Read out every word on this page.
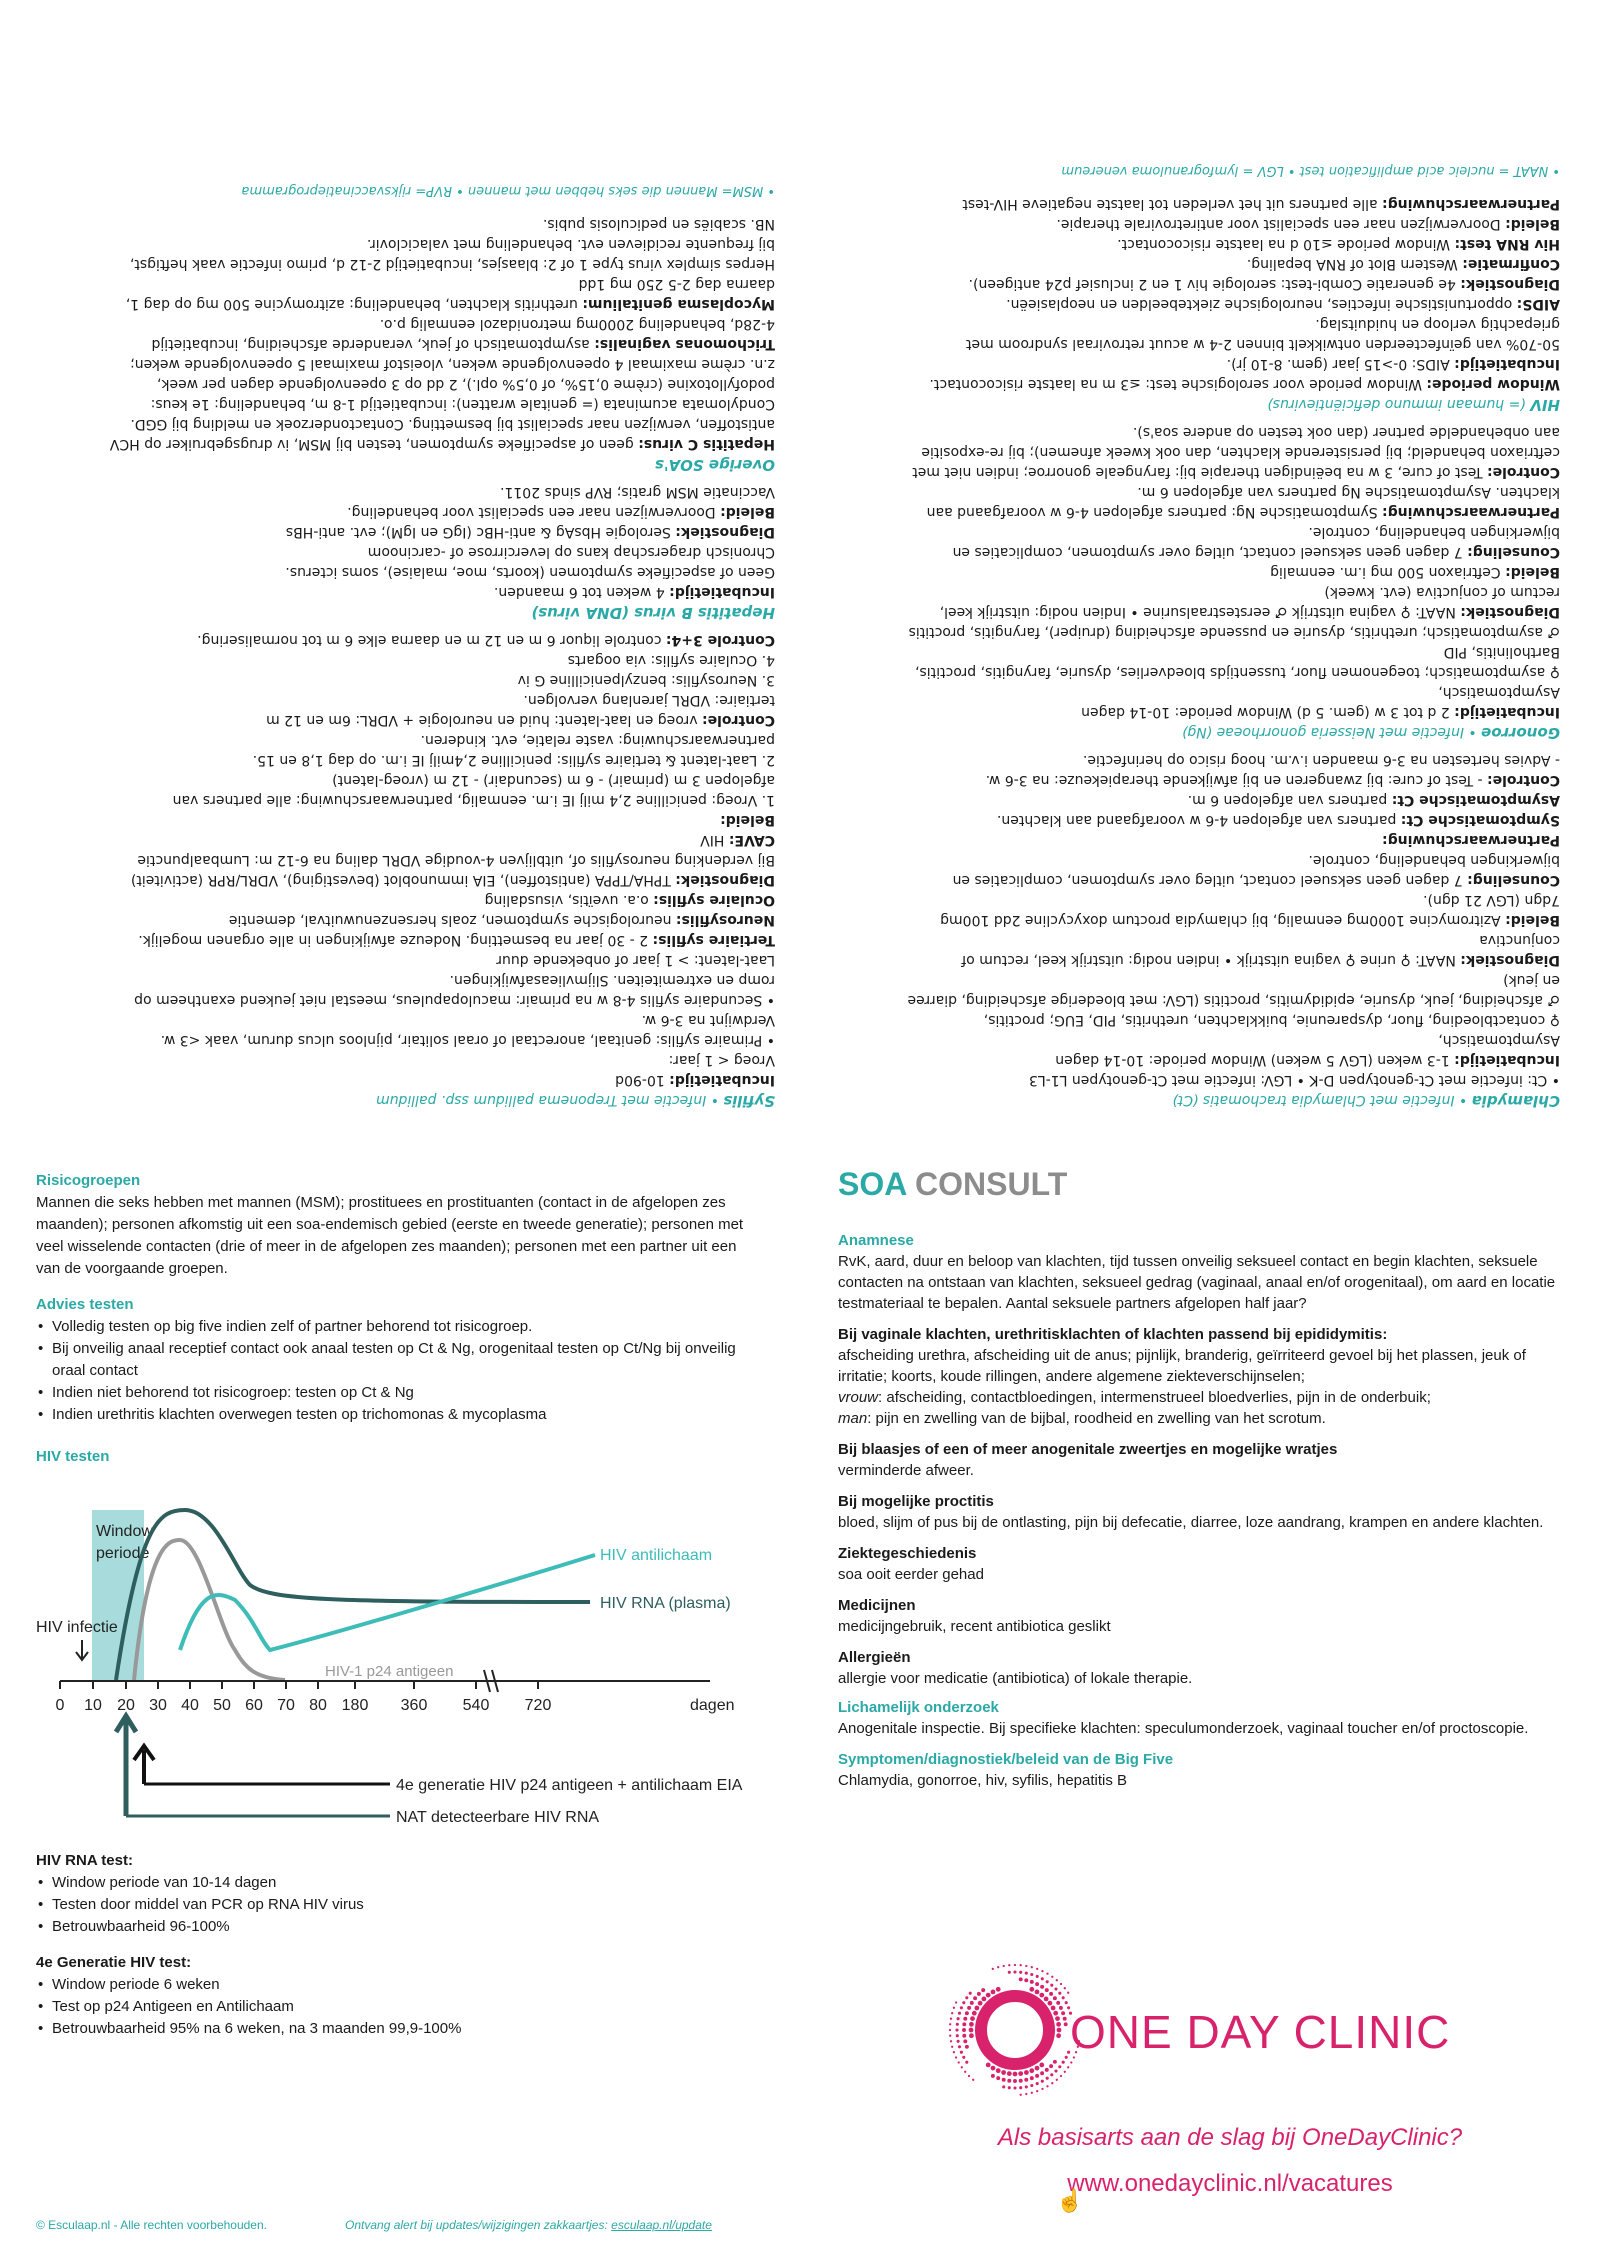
Chlamydia • Infectie met Chlamydia trachomatis (Ct)

• Ct: infectie met Ct-genotypen D-K • LGV: infectie met Ct-genotypen L1-L3

Incubatietijd: 1-3 weken (LGV 5 weken) Window periode: 10-14 dagen

Asymptomatisch,

♀ contactbloeding, fluor, dyspareunie, buikklachten, urethritis, PID, EUG; proctitis,

♂ afscheiding, jeuk, dysurie, epididymitis, proctitis (LGV: met bloederige afscheiding, diarree

en jeuk)

Diagnostiek: NAAT: ♀ urine ♀ vagina uitstrijk • indien nodig: uitstrijk keel, rectum of

conjunctiva

Beleid: Azitromycine 1000mg eenmalig, bij chlamydia proctum doxycycline 2dd 100mg

7dgn (LGV 21 dgn).

Counseling: 7 dagen geen seksueel contact, uitleg over symptomen, complicaties en

bijwerkingen behandeling, controle.

Partnerwaarschuwing:

Symptomatische Ct: partners van afgelopen 4-6 w voorafgaand aan klachten.

Asymptomatische Ct: partners van afgelopen 6 m.

Controle: - Test of cure: bij zwangeren en bij afwijkende therapiekeuze: na 3-6 w.

- Advies hertesten na 3-6 maanden i.v.m. hoog risico op herinfectie.

Gonorroe • Infectie met Neisseria gonorrhoeae (Ng)

Incubatietijd: 2 d tot 3 w (gem. 5 d) Window periode: 10-14 dagen

Asymptomatisch,

♀ asymptomatisch; toegenomen fluor, tussentijds bloedverlies, dysurie, faryngitis, proctitis,

Bartholinitis, PID

♂ asymptomatisch; urethritis, dysurie en pussende afscheiding (druiper), faryngitis, proctitis

Diagnostiek: NAAT: ♀ vagina uitstrijk ♂ eerstestraalsurine • Indien nodig: uitstrijk keel,

rectum of conjuctiva (evt. kweek)

Beleid: Ceftriaxon 500 mg i.m. eenmalig

Counseling: 7 dagen geen seksueel contact, uitleg over symptomen, complicaties en

bijwerkingen behandeling, controle.

Partnerwaarschuwing: Symptomatische Ng: partners afgelopen 4-6 w voorafgaand aan

klachten. Asymptomatische Ng partners van afgelopen 6 m.

Controle: Test of cure, 3 w na beëindigen therapie bij: faryngeale gonorroe; indien niet met

ceftriaxon behandeld; bij persisterende klachten, dan ook kweek afnemen); bij re-expositie

aan onbehandelde partner (dan ook testen op andere soa's).

HIV (= humaan immuno deficiëntievirus)

Window periode: Window periode voor serologische test: ≤3 m na laatste risicocontact.

Incubatietijd: AIDS: 0->15 jaar (gem. 8-10 jr).

50-70% van geïnfecteerden ontwikkelt binnen 2-4 w acuut retroviraal syndroom met

griepachtig verloop en huiduitslag.

AIDS: opportunistische infecties, neurologische ziektebeelden en neoplasieën.

Diagnostiek: 4e generatie Combi-test: serologie hiv 1 en 2 inclusief p24 antigeen).

Confirmatie: Western Blot of RNA bepaling.

Hiv RNA test: Window periode ≤10 d na laatste risicocontact.

Beleid: Doorverwijzen naar een specialist voor antiretrovirale therapie.

Partnerwaarschuwing: alle partners uit het verleden tot laatste negatieve HIV-test

• NAAT = nucleic acid amplification test • LGV = lymfogranuloma venereum

Syfilis • Infectie met Treponema pallidum ssp. pallidum

Incubatietijd: 10-90d

Vroeg < 1 jaar:

• Primaire syfilis: genitaal, anorectaal of oraal solitair, pijnloos ulcus durum, vaak <3 w.

Verdwijnt na 3-6 w.

• Secundaire syfilis 4-8 w na primair: maculopapuleus, meestal niet jeukend exantheem op

romp en extremiteiten. Slijmvlieasafwijkingen.

Laat-latent: > 1 jaar of onbekende duur

Tertiaire syfilis: 2 - 30 jaar na besmetting. Nodeuze afwijkingen in alle organen mogelijk.

Neurosyfilis: neurologische symptomen, zoals hersenzenuwuitval, dementie

Oculaire syfilis: o.a. uveïtis, visusdaling

Diagnostiek: TPHA/TPPA (antistoffen), EIA immunoblot (bevestiging), VDRL/RPR (activiteit)

Bij verdenking neurosyfilis of, uitblijven 4-voudige VDRL daling na 6-12 m: Lumbaalpunctie

CAVE: HIV

Beleid:

1. Vroeg: penicilline 2,4 milj IE i.m. eenmalig, partnerwaarschuwing: alle partners van

afgelopen 3 m (primair) - 6 m (secundair) - 12 m (vroeg-latent)

2. Laat-latent & tertiaire syfilis: penicilline 2,4milj IE i.m. op dag 1,8 en 15.

partnerwaarschuwing: vaste relatie, evt. kinderen.

Controle: vroeg en laat-latent: huid en neurologie + VDRL: 6m en 12 m

tertiaire: VDRL jarenlang vervolgen.

3. Neurosyfilis: benzylpenicilline G iv

4. Oculaire syfilis: via oogarts

Controle 3+4: controle liquor 6 m en 12 m en daarna elke 6 m tot normalisering.

Hepatitis B virus (DNA virus)

Incubatietijd: 4 weken tot 6 maanden.

Geen of aspecifieke symptomen (koorts, moe, malaise), soms icterus.

Chronisch dragerschap kans op levercirrose of -carcinoom

Diagnostiek: Serologie HbsAg & anti-HBc (IgG en IgM); evt. anti-HBs

Beleid: Doorverwijzen naar een specialist voor behandeling.

Vaccinatie MSM gratis; RVP sinds 2011.

Overige SOA's

Hepatitis C virus: geen of aspecifieke symptomen, testen bij MSM, iv drugsgebruiker op HCV

antistoffen, verwijzen naar specialist bij besmetting. Contactonderzoek en melding bij GGD.

Condylomata acuminata (= genitale wratten): incubatietijd 1-8 m, behandeling: 1e keus:

podofyllotoxine (crème 0,15%, of 0,5% opl.), 2 dd op 3 opeenvolgende dagen per week,

z.n. crème maximaal 4 opeenvolgende weken, vloeistof maximaal 5 opeenvolgende weken;

Trichomonas vaginalis: asymptomatisch of jeuk, veranderde afscheiding, incubatietijd

4-28d, behandeling 2000mg metronidazol eenmalig p.o.

Mycoplasma genitalium: urethritis klachten, behandeling: azitromycine 500 mg op dag 1,

daarna dag 2-5 250 mg 1dd

Herpes simplex virus type 1 of 2: blaasjes, incubatietijd 2-12 d, primo infectie vaak heftigst,

bij frequente recidieven evt. behandeling met valaciclovir.

NB. scabiës en pediculosis pubis.

• MSM= Mannen die seks hebben met mannen • RVP= rijksvaccinatieprogramma

Risicogroepen
Mannen die seks hebben met mannen (MSM); prostituees en prostituanten (contact in de afgelopen zes maanden); personen afkomstig uit een soa-endemisch gebied (eerste en tweede generatie); personen met veel wisselende contacten (drie of meer in de afgelopen zes maanden); personen met een partner uit een van de voorgaande groepen.
Advies testen
• Volledig testen op big five indien zelf of partner behorend tot risicogroep.
• Bij onveilig anaal receptief contact ook anaal testen op Ct & Ng, orogenitaal testen op Ct/Ng bij onveilig oraal contact
• Indien niet behorend tot risicogroep: testen op Ct & Ng
• Indien urethritis klachten overwegen testen op trichomonas & mycoplasma
HIV testen
Window
periode
HIV infectie
HIV antilichaam
HIV RNA (plasma)
HIV-1 p24 antigeen
0 10 20 30 40 50 60 70 80 180 360 540 720	dagen
4e generatie HIV p24 antigeen + antilichaam EIA
NAT detecteerbare HIV RNA
HIV RNA test:
• Window periode van 10-14 dagen
• Testen door middel van PCR op RNA HIV virus
• Betrouwbaarheid 96-100%
4e Generatie HIV test:
• Window periode 6 weken
• Test op p24 Antigeen en Antilichaam
• Betrouwbaarheid 95% na 6 weken, na 3 maanden 99,9-100%
SOA CONSULT
Anamnese
RvK, aard, duur en beloop van klachten, tijd tussen onveilig seksueel contact en begin klachten, seksuele contacten na ontstaan van klachten, seksueel gedrag (vaginaal, anaal en/of orogenitaal), om aard en locatie testmateriaal te bepalen. Aantal seksuele partners afgelopen half jaar?
Bij vaginale klachten, urethritisklachten of klachten passend bij epididymitis:
afscheiding urethra, afscheiding uit de anus; pijnlijk, branderig, geïrriteerd gevoel bij het plassen, jeuk of irritatie; koorts, koude rillingen, andere algemene ziekteverschijnselen;
vrouw: afscheiding, contactbloedingen, intermenstrueel bloedverlies, pijn in de onderbuik;
man: pijn en zwelling van de bijbal, roodheid en zwelling van het scrotum.
Bij blaasjes of een of meer anogenitale zweertjes en mogelijke wratjes
verminderde afweer.
Bij mogelijke proctitis
bloed, slijm of pus bij de ontlasting, pijn bij defecatie, diarree, loze aandrang, krampen en andere klachten.
Ziektegeschiedenis
soa ooit eerder gehad
Medicijnen
medicijngebruik, recent antibiotica geslikt
Allergieën
allergie voor medicatie (antibiotica) of lokale therapie.
Lichamelijk onderzoek
Anogenitale inspectie. Bij specifieke klachten: speculumonderzoek, vaginaal toucher en/of proctoscopie.
Symptomen/diagnostiek/beleid van de Big Five
Chlamydia, gonorroe, hiv, syfilis, hepatitis B
ONE DAY CLINIC
Als basisarts aan de slag bij OneDayClinic?
www.onedayclinic.nl/vacatures
☝
© Esculaap.nl - Alle rechten voorbehouden.	Ontvang alert bij updates/wijzigingen zakkaartjes: esculaap.nl/update
